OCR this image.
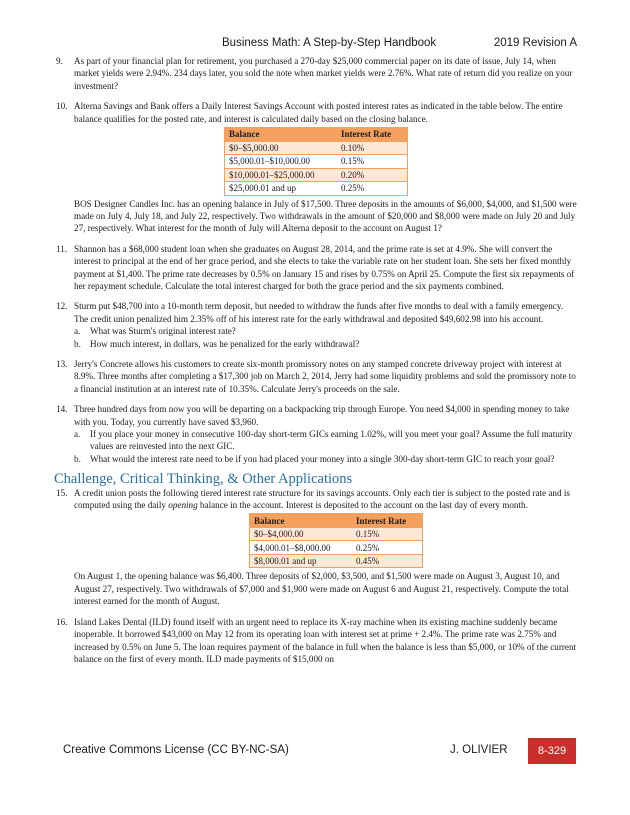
Business Math: A Step-by-Step Handbook	2019 Revision A
9. As part of your financial plan for retirement, you purchased a 270-day $25,000 commercial paper on its date of issue, July 14, when market yields were 2.94%. 234 days later, you sold the note when market yields were 2.76%. What rate of return did you realize on your investment?

10. Alterna Savings and Bank offers a Daily Interest Savings Account with posted interest rates as indicated in the table below. The entire balance qualifies for the posted rate, and interest is calculated daily based on the closing balance.

Balance	Interest Rate
$0–$5,000.00	0.10%
$5,000.01–$10,000.00	0.15%
$10,000.01–$25,000.00	0.20%
$25,000.01 and up	0.25%

BOS Designer Candles Inc. has an opening balance in July of $17,500. Three deposits in the amounts of $6,000, $4,000, and $1,500 were made on July 4, July 18, and July 22, respectively. Two withdrawals in the amount of $20,000 and $8,000 were made on July 20 and July 27, respectively. What interest for the month of July will Alterna deposit to the account on August 1?

11. Shannon has a $68,000 student loan when she graduates on August 28, 2014, and the prime rate is set at 4.9%. She will convert the interest to principal at the end of her grace period, and she elects to take the variable rate on her student loan. She sets her fixed monthly payment at $1,400. The prime rate decreases by 0.5% on January 15 and rises by 0.75% on April 25. Compute the first six repayments of her repayment schedule. Calculate the total interest charged for both the grace period and the six payments combined.

12. Sturm put $48,700 into a 10-month term deposit, but needed to withdraw the funds after five months to deal with a family emergency. The credit union penalized him 2.35% off of his interest rate for the early withdrawal and deposited $49,602.98 into his account.

a. What was Sturm's original interest rate?
b. How much interest, in dollars, was he penalized for the early withdrawal?
13. Jerry's Concrete allows his customers to create six-month promissory notes on any stamped concrete driveway project with interest at 8.9%. Three months after completing a $17,300 job on March 2, 2014, Jerry had some liquidity problems and sold the promissory note to a financial institution at an interest rate of 10.35%. Calculate Jerry's proceeds on the sale.

14. Three hundred days from now you will be departing on a backpacking trip through Europe. You need $4,000 in spending money to take with you. Today, you currently have saved $3,960.

a. If you place your money in consecutive 100-day short-term GICs earning 1.02%, will you meet your goal? Assume the full maturity values are reinvested into the next GIC.
b. What would the interest rate need to be if you had placed your money into a single 300-day short-term GIC to reach your goal?
Challenge, Critical Thinking, & Other Applications
15. A credit union posts the following tiered interest rate structure for its savings accounts. Only each tier is subject to the posted rate and is computed using the daily opening balance in the account. Interest is deposited to the account on the last day of every month.

Balance	Interest Rate
$0–$4,000.00	0.15%
$4,000.01–$8,000.00	0.25%
$8,000.01 and up	0.45%

On August 1, the opening balance was $6,400. Three deposits of $2,000, $3,500, and $1,500 were made on August 3, August 10, and August 27, respectively. Two withdrawals of $7,000 and $1,900 were made on August 6 and August 21, respectively. Compute the total interest earned for the month of August.

16. Island Lakes Dental (ILD) found itself with an urgent need to replace its X-ray machine when its existing machine suddenly became inoperable. It borrowed $43,000 on May 12 from its operating loan with interest set at prime + 2.4%. The prime rate was 2.75% and increased by 0.5% on June 5. The loan requires payment of the balance in full when the balance is less than $5,000, or 10% of the current balance on the first of every month. ILD made payments of $15,000 on

Creative Commons License (CC BY-NC-SA)	J. OLIVIER	8-329
